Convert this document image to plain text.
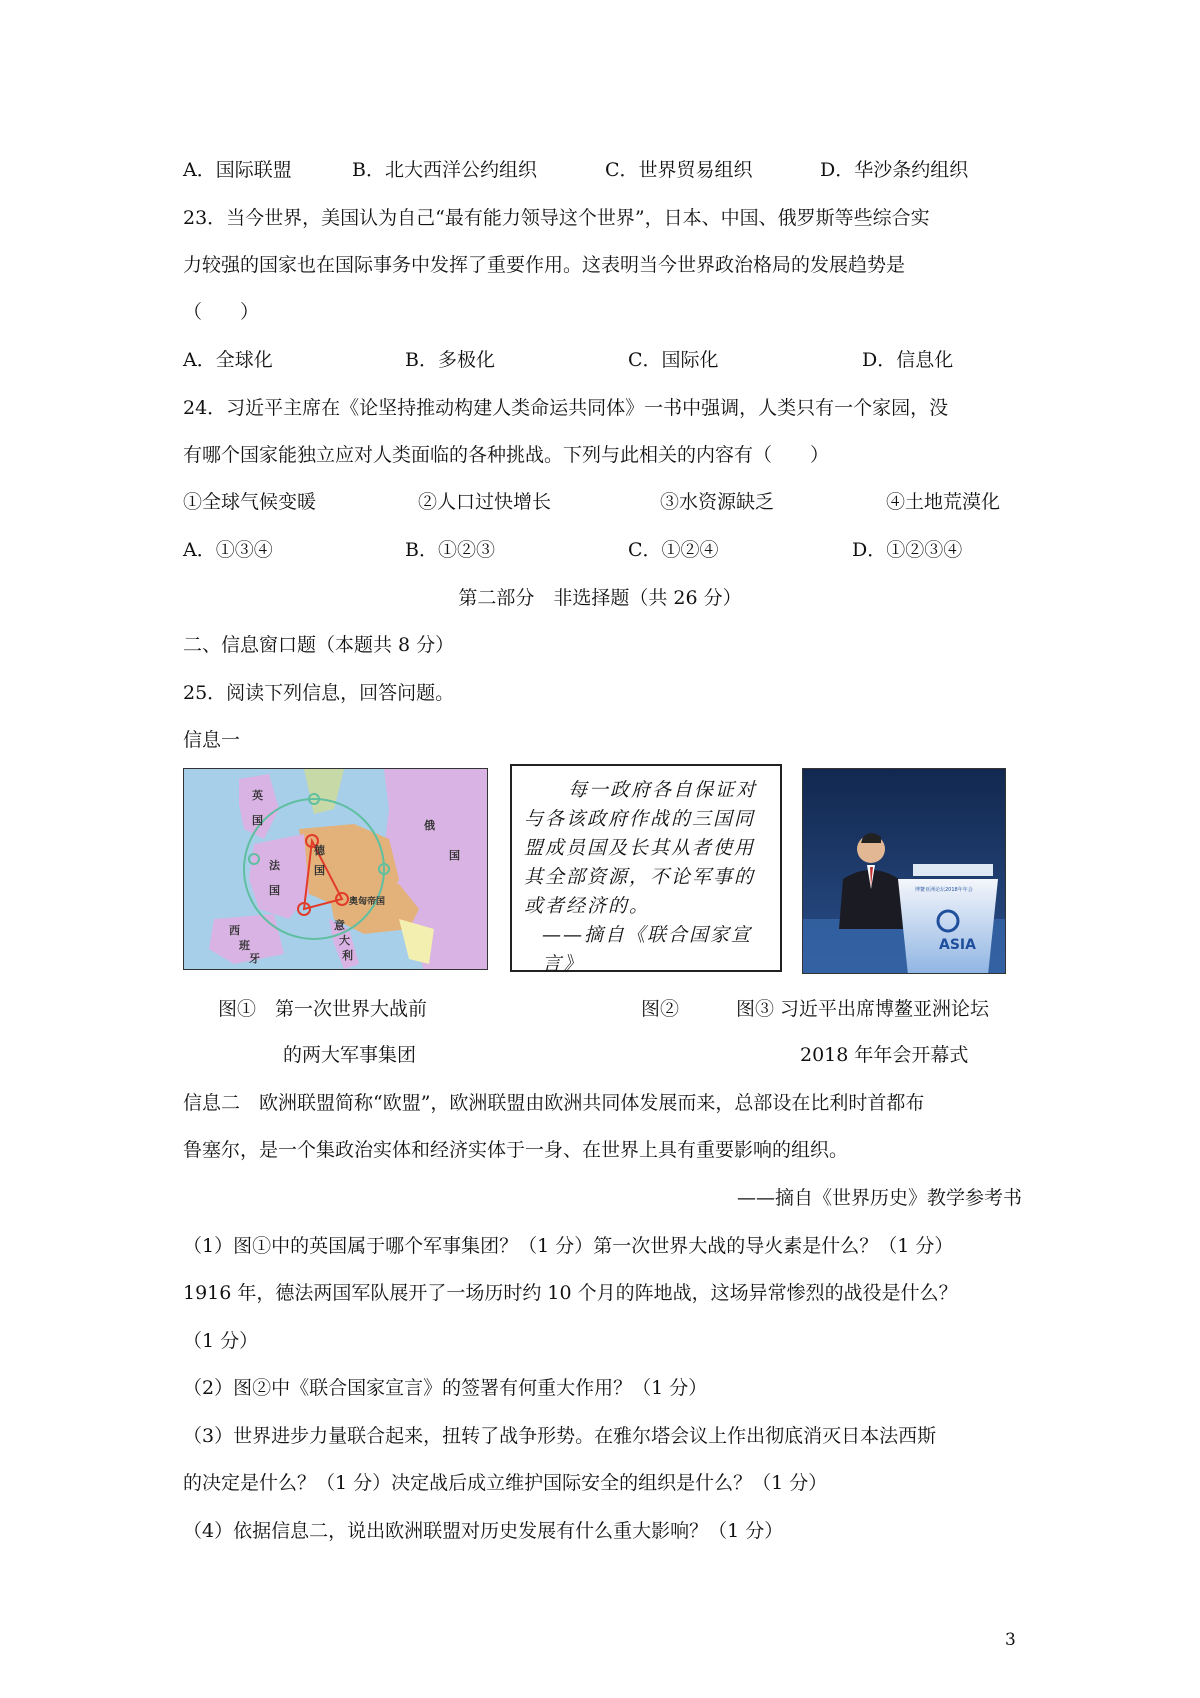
A．国际联盟	B．北大西洋公约组织	C．世界贸易组织	D．华沙条约组织
23．当今世界，美国认为自己“最有能力领导这个世界”，日本、中国、俄罗斯等些综合实
力较强的国家也在国际事务中发挥了重要作用。这表明当今世界政治格局的发展趋势是
（　　）
A．全球化	B．多极化	C．国际化	D．信息化
24．习近平主席在《论坚持推动构建人类命运共同体》一书中强调，人类只有一个家园，没
有哪个国家能独立应对人类面临的各种挑战。下列与此相关的内容有（　　）
①全球气候变暖	②人口过快增长	③水资源缺乏	④土地荒漠化
A．①③④	B．①②③	C．①②④	D．①②③④
第二部分　非选择题（共 26 分）
二、信息窗口题（本题共 8 分）
25．阅读下列信息，回答问题。
信息一
英
国
法
国
德
国
俄
国
奥匈帝国
西
班
牙
意
大
利
每一政府各自保证对
与各该政府作战的三国同
盟成员国及长其从者使用
其全部资源，不论军事的
或者经济的。
——摘自《联合国家宣言》
ASIA
博鳌亚洲论坛2018年年会
图①　第一次世界大战前
的两大军事集团
图②	图③ 习近平出席博鳌亚洲论坛
2018 年年会开幕式
信息二　欧洲联盟简称“欧盟”，欧洲联盟由欧洲共同体发展而来，总部设在比利时首都布
鲁塞尔，是一个集政治实体和经济实体于一身、在世界上具有重要影响的组织。
——摘自《世界历史》教学参考书
（1）图①中的英国属于哪个军事集团？（1 分）第一次世界大战的导火素是什么？（1 分）
1916 年，德法两国军队展开了一场历时约 10 个月的阵地战，这场异常惨烈的战役是什么？
（1 分）
（2）图②中《联合国家宣言》的签署有何重大作用？（1 分）
（3）世界进步力量联合起来，扭转了战争形势。在雅尔塔会议上作出彻底消灭日本法西斯
的决定是什么？（1 分）决定战后成立维护国际安全的组织是什么？（1 分）
（4）依据信息二，说出欧洲联盟对历史发展有什么重大影响？（1 分）
3
